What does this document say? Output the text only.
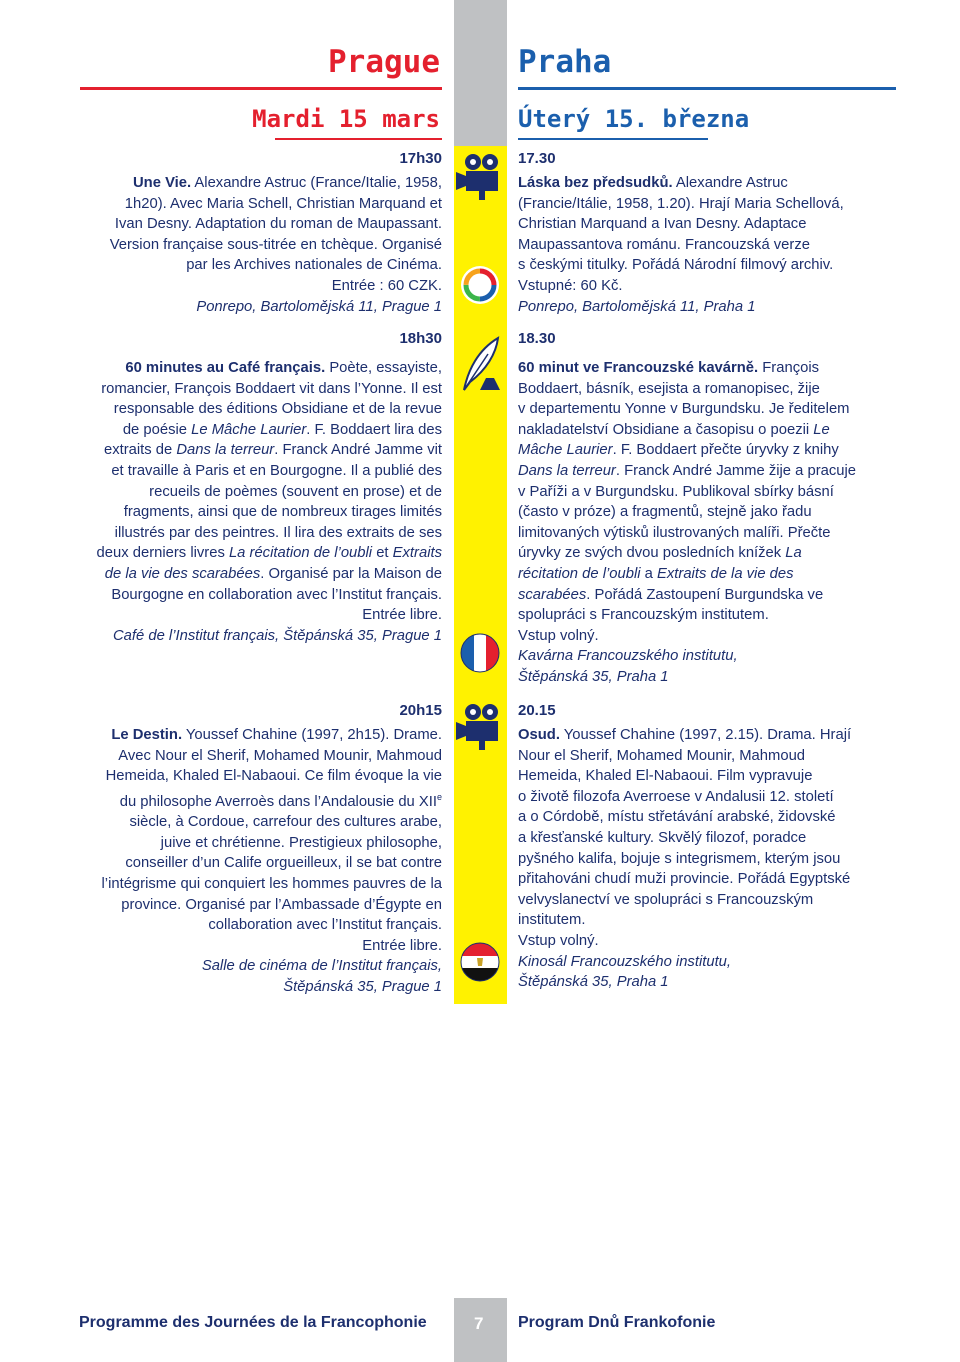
Prague	Praha
Mardi 15 mars	Úterý 15. března
17h30

Une Vie. Alexandre Astruc (France/Italie, 1958,

1h20). Avec Maria Schell, Christian Marquand et

Ivan Desny. Adaptation du roman de Maupassant.

Version française sous-titrée en tchèque. Organisé

par les Archives nationales de Cinéma.

Entrée : 60 CZK.

Ponrepo, Bartolomějská 11, Prague 1

18h30

60 minutes au Café français. Poète, essayiste,

romancier, François Boddaert vit dans l’Yonne. Il est

responsable des éditions Obsidiane et de la revue

de poésie Le Mâche Laurier. F. Boddaert lira des

extraits de Dans la terreur. Franck André Jamme vit

et travaille à Paris et en Bourgogne. Il a publié des

recueils de poèmes (souvent en prose) et de

fragments, ainsi que de nombreux tirages limités

illustrés par des peintres. Il lira des extraits de ses

deux derniers livres La récitation de l’oubli et Extraits

de la vie des scarabées. Organisé par la Maison de

Bourgogne en collaboration avec l’Institut français.

Entrée libre.

Café de l’Institut français, Štěpánská 35, Prague 1

20h15

Le Destin. Youssef Chahine (1997, 2h15). Drame.

Avec Nour el Sherif, Mohamed Mounir, Mahmoud

Hemeida, Khaled El-Nabaoui. Ce film évoque la vie

du philosophe Averroès dans l’Andalousie du XIIe

siècle, à Cordoue, carrefour des cultures arabe,

juive et chrétienne. Prestigieux philosophe,

conseiller d’un Calife orgueilleux, il se bat contre

l’intégrisme qui conquiert les hommes pauvres de la

province. Organisé par l’Ambassade d’Égypte en

collaboration avec l’Institut français.

Entrée libre.

Salle de cinéma de l’Institut français,

Štěpánská 35, Prague 1

17.30

Láska bez předsudků. Alexandre Astruc

(Francie/Itálie, 1958, 1.20). Hrají Maria Schellová,

Christian Marquand a Ivan Desny. Adaptace

Maupassantova románu. Francouzská verze

s českými titulky. Pořádá Národní filmový archiv.

Vstupné: 60 Kč.

Ponrepo, Bartolomějská 11, Praha 1

18.30

60 minut ve Francouzské kavárně. François

Boddaert, básník, esejista a romanopisec, žije

v departementu Yonne v Burgundsku. Je ředitelem

nakladatelství Obsidiane a časopisu o poezii Le

Mâche Laurier. F. Boddaert přečte úryvky z knihy

Dans la terreur. Franck André Jamme žije a pracuje

v Paříži a v Burgundsku. Publikoval sbírky básní

(často v próze) a fragmentů, stejně jako řadu

limitovaných výtisků ilustrovaných malíři. Přečte

úryvky ze svých dvou posledních knížek La

récitation de l’oubli a Extraits de la vie des

scarabées. Pořádá Zastoupení Burgundska ve

spolupráci s Francouzským institutem.

Vstup volný.

Kavárna Francouzského institutu,

Štěpánská 35, Praha 1

20.15

Osud. Youssef Chahine (1997, 2.15). Drama. Hrají

Nour el Sherif, Mohamed Mounir, Mahmoud

Hemeida, Khaled El-Nabaoui. Film vypravuje

o životě filozofa Averroese v Andalusii 12. století

a o Córdobě, místu střetávání arabské, židovské

a křesťanské kultury. Skvělý filozof, poradce

pyšného kalifa, bojuje s integrismem, kterým jsou

přitahováni chudí muži provincie. Pořádá Egyptské

velvyslanectví ve spolupráci s Francouzským

institutem.

Vstup volný.

Kinosál Francouzského institutu,

Štěpánská 35, Praha 1

Programme des Journées de la Francophonie	7 Program Dnů Frankofonie
